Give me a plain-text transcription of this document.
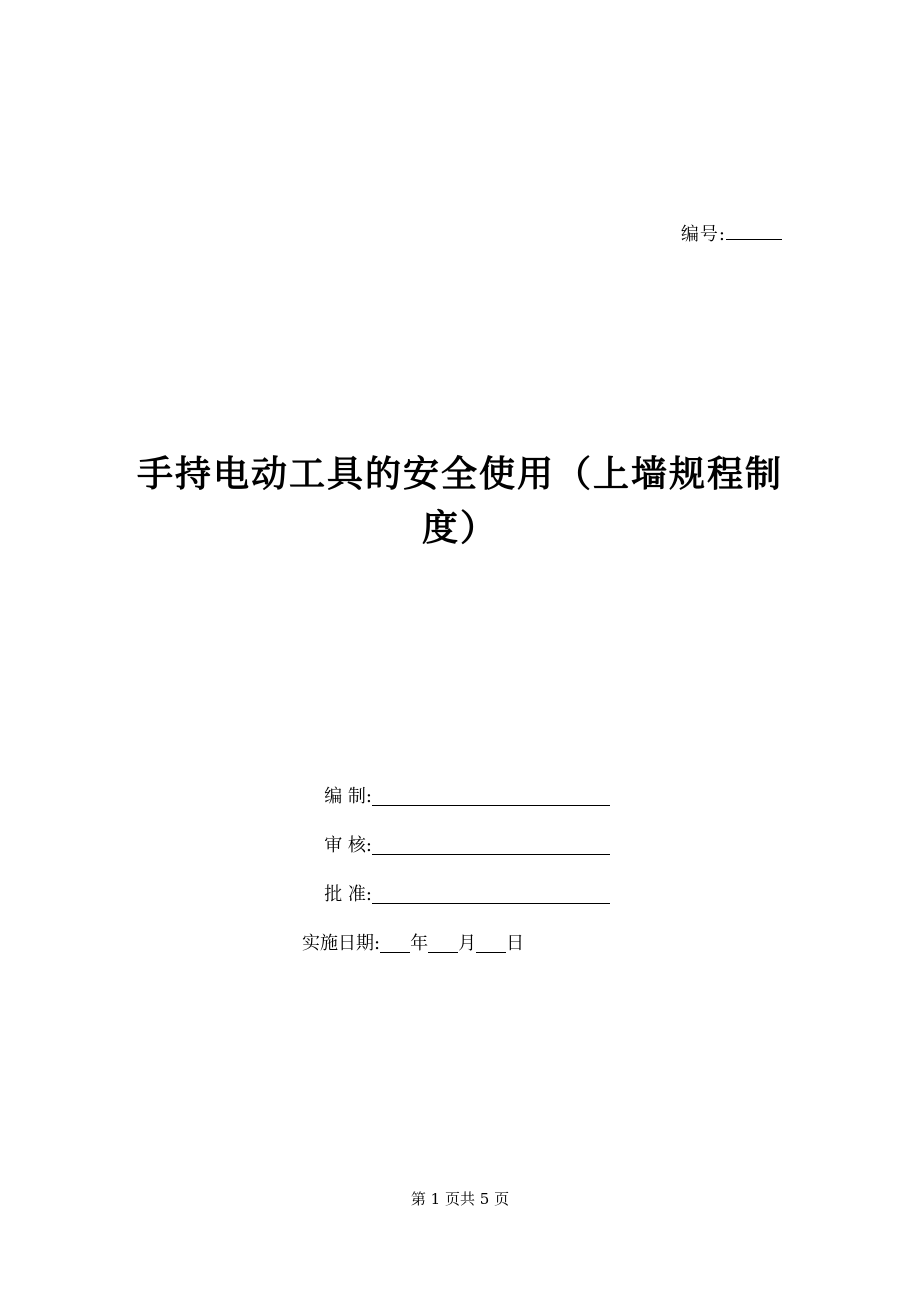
编号:
手持电动工具的安全使用（上墙规程制
度）
编 制:
审 核:
批 准:
实施日期: 年 月 日
第 1 页共 5 页
